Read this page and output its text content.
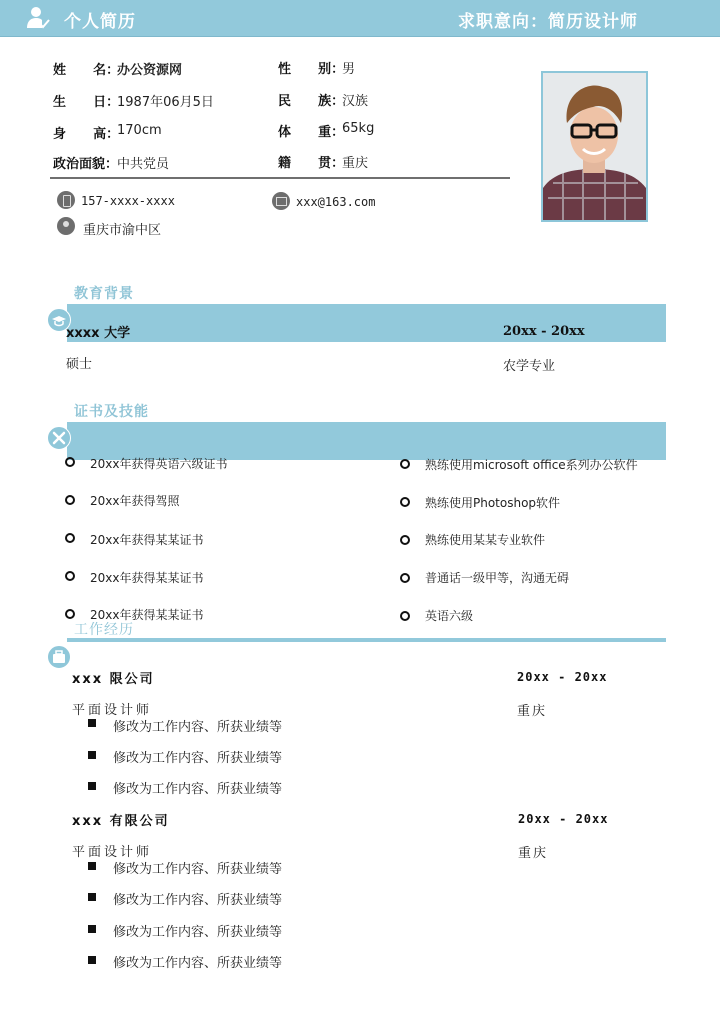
个人简历	求职意向：简历设计师
姓      名：
办公资源网
生      日：
1987年06月5日
身      高：
170cm
政治面貌：
中共党员
性      别：
男
民      族：
汉族
体      重：
65kg
籍      贯：
重庆
157-xxxx-xxxx	xxx@163.com
重庆市渝中区
教育背景
xxxx 大学	20xx - 20xx
硕士	农学专业
证书及技能
20xx年获得英语六级证书
20xx年获得驾照
20xx年获得某某证书
20xx年获得某某证书
20xx年获得某某证书
熟练使用microsoft office系列办公软件
熟练使用Photoshop软件
熟练使用某某专业软件
普通话一级甲等，沟通无碍
英语六级
工作经历
xxx 限公司	20xx - 20xx
平面设计师	重庆
修改为工作内容、所获业绩等
修改为工作内容、所获业绩等
修改为工作内容、所获业绩等
xxx 有限公司	20xx - 20xx
平面设计师	重庆
修改为工作内容、所获业绩等
修改为工作内容、所获业绩等
修改为工作内容、所获业绩等
修改为工作内容、所获业绩等
